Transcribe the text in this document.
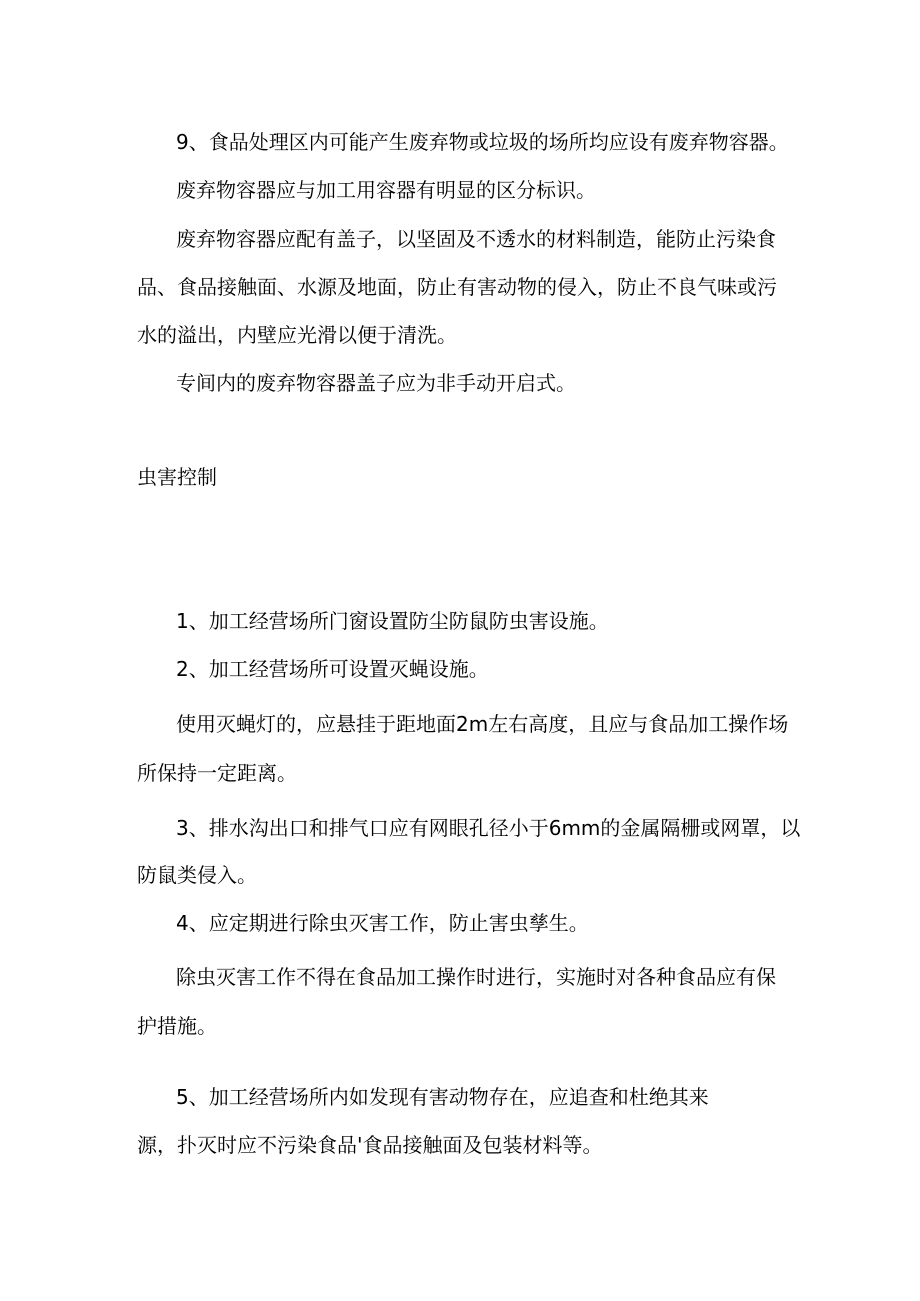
9、食品处理区内可能产生废弃物或垃圾的场所均应设有废弃物容器。

废弃物容器应与加工用容器有明显的区分标识。

废弃物容器应配有盖子，以坚固及不透水的材料制造，能防止污染食

品、食品接触面、水源及地面，防止有害动物的侵入，防止不良气味或污

水的溢出，内壁应光滑以便于清洗。

专间内的废弃物容器盖子应为非手动开启式。

虫害控制

1、加工经营场所门窗设置防尘防鼠防虫害设施。

2、加工经营场所可设置灭蝇设施。

使用灭蝇灯的，应悬挂于距地面2m左右高度，且应与食品加工操作场

所保持一定距离。

3、排水沟出口和排气口应有网眼孔径小于6mm的金属隔栅或网罩，以

防鼠类侵入。

4、应定期进行除虫灭害工作，防止害虫孳生。

除虫灭害工作不得在食品加工操作时进行，实施时对各种食品应有保

护措施。

5、加工经营场所内如发现有害动物存在，应追查和杜绝其来

源，扑灭时应不污染食品'食品接触面及包装材料等。
